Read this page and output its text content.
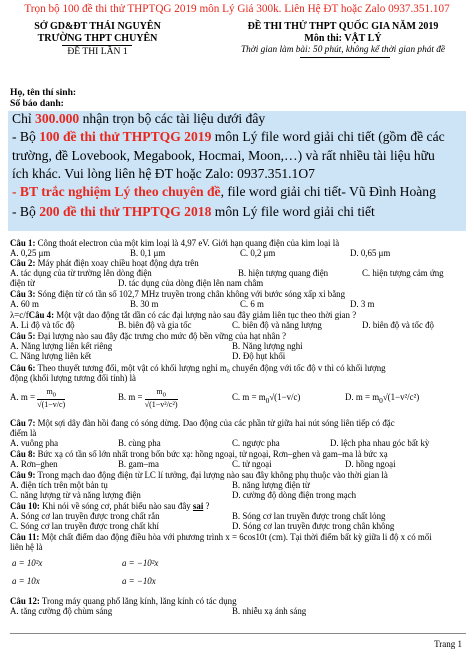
Trọn bộ 100 đề thi thử THPTQG 2019 môn Lý Giá 300k. Liên Hệ ĐT hoặc Zalo 0937.351.107
SỞ GD&ĐT THÁI NGUYÊN
TRƯỜNG THPT CHUYÊN
ĐỀ THI LẦN 1
ĐỀ THI THỬ THPT QUỐC GIA NĂM 2019
Môn thi: VẬT LÝ
Thời gian làm bài: 50 phút, không kể thời gian phát đề
Họ, tên thí sinh:
Số báo danh:
Chỉ 300.000 nhận trọn bộ các tài liệu dưới đây
- Bộ 100 đề thi thử THPTQG 2019 môn Lý file word giải chi tiết (gồm đề các
trường, đề Lovebook, Megabook, Hocmai, Moon,…) và rất nhiều tài liệu hữu
ích khác. Vui lòng liên hệ ĐT hoặc Zalo: 0937.351.1O7
- BT trắc nghiệm Lý theo chuyên đề, file word giải chi tiết- Vũ Đình Hoàng
- Bộ 200 đề thi thử THPTQG 2018 môn Lý file word giải chi tiết
Câu 1: Công thoát electron của một kim loại là 4,97 eV. Giới hạn quang điện của kim loại là
A. 0,25 μm	B. 0,1 μm	C. 0,2 μm	D. 0,65 μm
Câu 2: Máy phát điện xoay chiều hoạt động dựa trên
A. tác dụng của từ trường lên dòng điện	B. hiện tượng quang điện	C. hiện tượng cảm ứng
điện từ	D. tác dụng của dòng điện lên nam châm
Câu 3: Sóng điện từ có tần số 102,7 MHz truyền trong chân không với bước sóng xấp xỉ bằng
A. 60 m	B. 30 m	C. 6 m	D. 3 m
λ=c/fCâu 4: Một vật dao động tắt dần có các đại lượng nào sau đây giảm liên tục theo thời gian ?
A. Li độ và tốc độ	B. biên độ và gia tốc	C. biên độ và năng lượng	D. biên độ và tốc độ
Câu 5: Đại lượng nào sau đây đặc trưng cho mức độ bền vững của hạt nhân ?
A. Năng lượng liên kết riêng	B. Năng lượng nghỉ
C. Năng lượng liên kết	D. Độ hụt khối
Câu 6: Theo thuyết tương đối, một vật có khối lượng nghỉ m₀ chuyển động với tốc độ v thì có khối lượng
động (khối lượng tương đối tính) là
A. $m = \frac{m_0}{√(1-v/c)}$	B. $m = \frac{m_0}{\text{√(1−v²/c²)}}$	C. $m = m_0√(1-v/c)$	D. $m = m_0√(1-v^2/c^2)$
Câu 7: Một sợi dây đàn hồi đang có sóng dừng. Dao động của các phần tử giữa hai nút sóng liên tiếp có đặc
điểm là
A. vuông pha	B. cùng pha	C. ngược pha	D. lệch pha nhau góc bất kỳ
Câu 8: Bức xạ có tần số lớn nhất trong bốn bức xạ: hồng ngoại, tử ngoại, Rơn–ghen và gam–ma là bức xạ
A. Rơn–ghen	B. gam–ma	C. tử ngoại	D. hồng ngoại
Câu 9: Trong mạch dao động điện từ LC lí tưởng, đại lượng nào sau đây không phụ thuộc vào thời gian là
A. điện tích trên một bản tụ	B. năng lượng điện từ
C. năng lượng từ và năng lượng điện	D. cường độ dòng điện trong mạch
Câu 10: Khi nói về sóng cơ, phát biểu nào sau đây sai ?
A. Sóng cơ lan truyền được trong chất rắn	B. Sóng cơ lan truyền được trong chất lỏng
C. Sóng cơ lan truyền được trong chất khí	D. Sóng cơ lan truyền được trong chân không
Câu 11: Một chất điểm dao động điều hòa với phương trình x = 6cos10t (cm). Tại thời điểm bất kỳ giữa li độ x có mối
liên hệ là
a = 10²x	a = −10²x
a = 10x	a = −10x
Câu 12: Trong máy quang phổ lăng kính, lăng kính có tác dụng
A. tăng cường độ chùm sáng	B. nhiễu xạ ánh sáng
Trang 1
